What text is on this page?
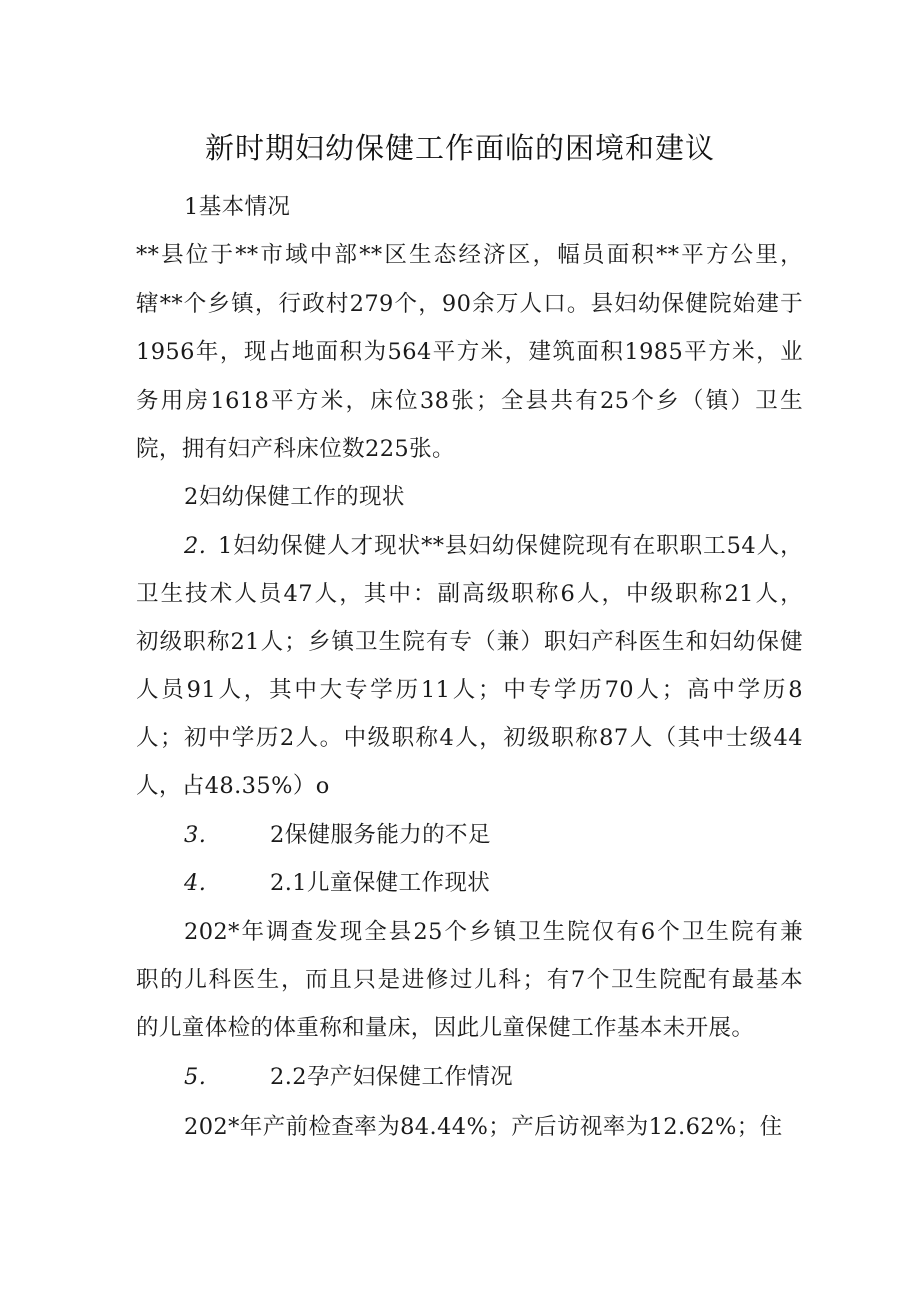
新时期妇幼保健工作面临的困境和建议
1基本情况
**县位于**市域中部**区生态经济区，幅员面积**平方公里，
辖**个乡镇，行政村279个，90余万人口。县妇幼保健院始建于
1956年，现占地面积为564平方米，建筑面积1985平方米，业
务用房1618平方米，床位38张；全县共有25个乡（镇）卫生
院，拥有妇产科床位数225张。
2妇幼保健工作的现状
2. 1妇幼保健人才现状**县妇幼保健院现有在职职工54人，
卫生技术人员47人，其中：副高级职称6人，中级职称21人，
初级职称21人；乡镇卫生院有专（兼）职妇产科医生和妇幼保健
人员91人，其中大专学历11人；中专学历70人；高中学历8
人；初中学历2人。中级职称4人，初级职称87人（其中士级44
人，占48.35%）o
3.	2保健服务能力的不足
4.	2.1儿童保健工作现状
202*年调查发现全县25个乡镇卫生院仅有6个卫生院有兼
职的儿科医生，而且只是进修过儿科；有7个卫生院配有最基本
的儿童体检的体重称和量床，因此儿童保健工作基本未开展。
5.	2.2孕产妇保健工作情况
202*年产前检查率为84.44%；产后访视率为12.62%；住
